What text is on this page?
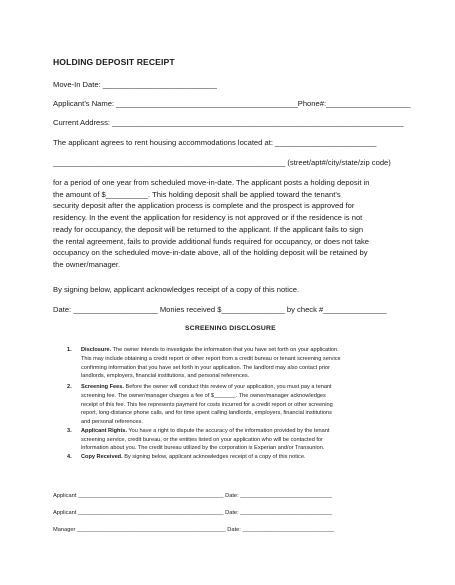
HOLDING DEPOSIT RECEIPT
Move-In Date: ___________________________
Applicant’s Name: ___________________________________________Phone#:____________________
Current Address: _____________________________________________________________________
The applicant agrees to rent housing accommodations located at: ________________________
_______________________________________________________ (street/apt#/city/state/zip code)
for a period of one year from scheduled move-in-date. The applicant posts a holding deposit in
the amount of $__________. This holding deposit shall be applied toward the tenant’s
security deposit after the application process is complete and the prospect is approved for
residency. In the event the application for residency is not approved or if the residence is not
ready for occupancy, the deposit will be returned to the applicant. If the applicant fails to sign
the rental agreement, fails to provide additional funds required for occupancy, or does not take
occupancy on the scheduled move-in-date above, all of the holding deposit will be retained by
the owner/manager.
By signing below, applicant acknowledges receipt of a copy of this notice.
Date: ____________________ Monies received $_______________ by check #_______________
SCREENING DISCLOSURE
1. Disclosure. The owner intends to investigate the information that you have set forth on your application.
This may include obtaining a credit report or other report from a credit bureau or tenant screening service
confirming information that you have set forth in your application. The landlord may also contact prior
landlords, employers, financial institutions, and personal references.
2. Screening Fees. Before the owner will conduct this review of your application, you must pay a tenant
screening fee. The owner/manager charges a fee of $_______. The owner/manager acknowledges
receipt of this fee. This fee represents payment for costs incurred for a credit report or other screening
report, long-distance phone calls, and for time spent calling landlords, employers, financial institutions
and personal references.
3. Applicant Rights. You have a right to dispute the accuracy of the information provided by the tenant
screening service, credit bureau, or the entities listed on your application who will be contacted for
information about you. The credit bureau utilized by the corporation is Experian and/or Transunion.
4. Copy Received. By signing below, applicant acknowledges receipt of a copy of this notice.
Applicant ______________________________________________ Date: _____________________________
Applicant ______________________________________________ Date: _____________________________
Manager _______________________________________________ Date: _____________________________
